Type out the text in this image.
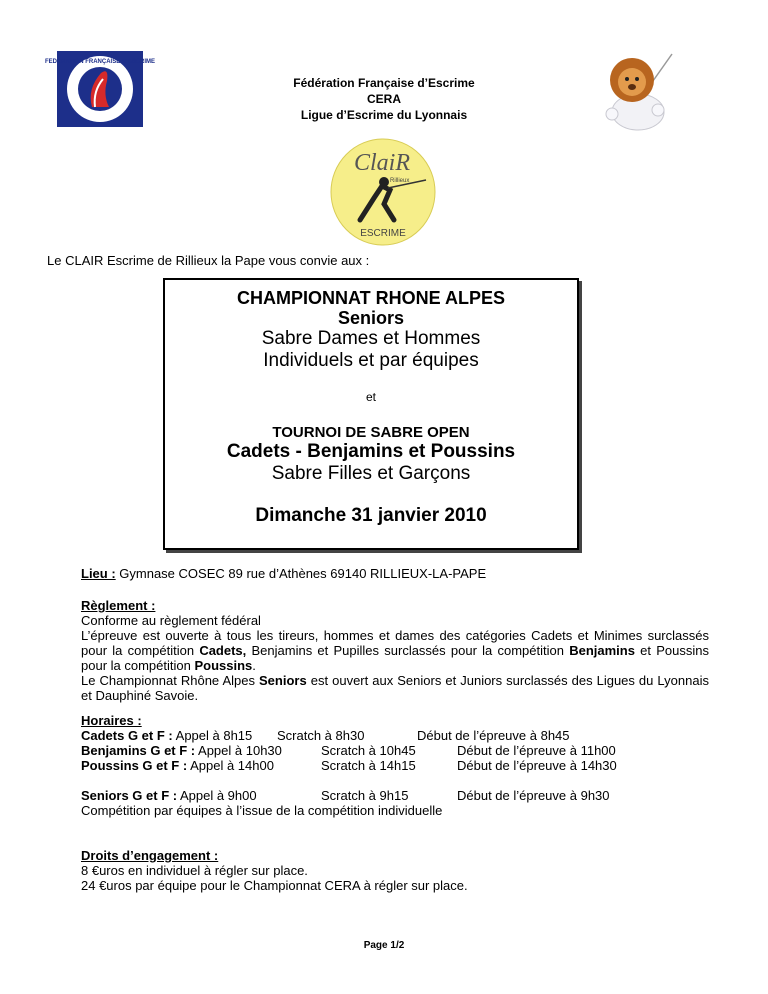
FEDERATION FRANÇAISE D'ESCRIME
Fédération Française d’Escrime
CERA
Ligue d’Escrime du Lyonnais
ClaiR
Rillieux
ESCRIME
Le CLAIR Escrime de Rillieux la Pape vous convie aux :
CHAMPIONNAT RHONE ALPES
Seniors
Sabre Dames et Hommes
Individuels et par équipes
et
TOURNOI DE SABRE OPEN
Cadets - Benjamins et Poussins
Sabre Filles et Garçons
Dimanche 31 janvier 2010
Lieu : Gymnase COSEC 89 rue d’Athènes 69140 RILLIEUX-LA-PAPE
Règlement :
Conforme au règlement fédéral
L’épreuve est ouverte à tous les tireurs, hommes et dames des catégories Cadets et Minimes surclassés pour la compétition Cadets, Benjamins et Pupilles surclassés pour la compétition Benjamins et Poussins pour la compétition Poussins.
Le Championnat Rhône Alpes Seniors est ouvert aux Seniors et Juniors surclassés des Ligues du Lyonnais et Dauphiné Savoie.
Horaires :
Cadets G et F : Appel à 8h15 Scratch à 8h30	Début de l’épreuve à 8h45
Benjamins G et F : Appel à 10h30	Scratch à 10h45	Début de l’épreuve à 11h00
Poussins G et F : Appel à 14h00	Scratch à 14h15	Début de l’épreuve à 14h30
Seniors G et F : Appel à 9h00	Scratch à 9h15	Début de l’épreuve à 9h30
Compétition par équipes à l’issue de la compétition individuelle
Droits d’engagement :
8 €uros en individuel à régler sur place.
24 €uros par équipe pour le Championnat CERA à régler sur place.
Page 1/2
